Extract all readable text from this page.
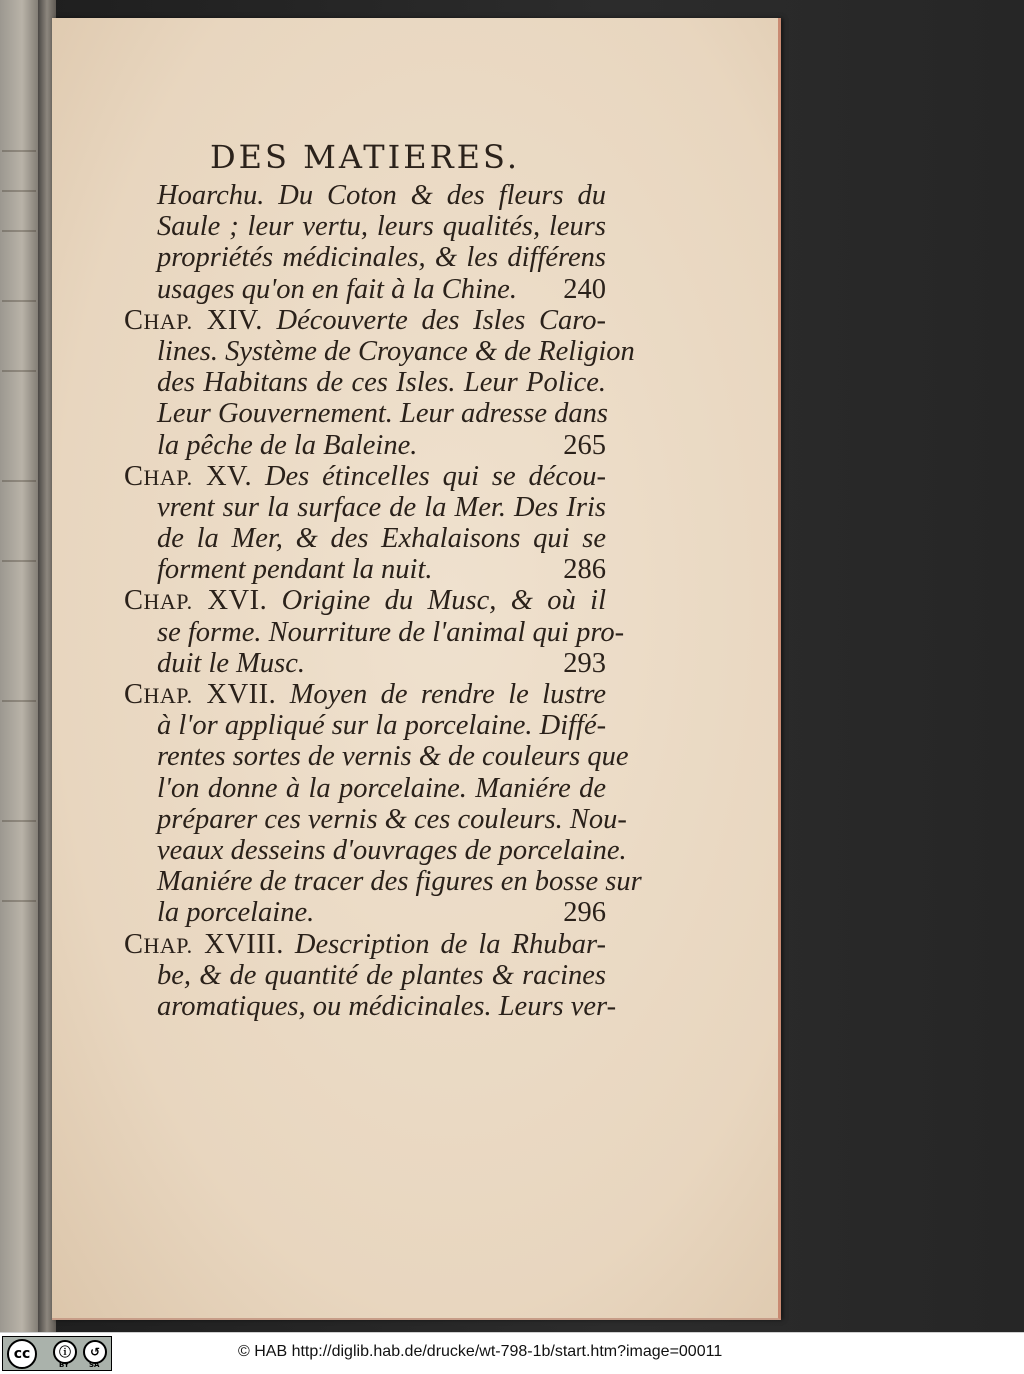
DES MATIERES.
Hoarchu. Du Coton & des fleurs du
Saule ; leur vertu, leurs qualités, leurs
propriétés médicinales, & les différens
usages qu'on en fait à la Chine. 240
CHAP. XIV. Découverte des Isles Caro-
lines. Système de Croyance & de Religion
des Habitans de ces Isles. Leur Police.
Leur Gouvernement. Leur adresse dans
la pêche de la Baleine.	265
CHAP. XV. Des étincelles qui se décou-
vrent sur la surface de la Mer. Des Iris
de la Mer, & des Exhalaisons qui se
forment pendant la nuit.	286
CHAP. XVI. Origine du Musc, & où il
se forme. Nourriture de l'animal qui pro-
duit le Musc.	293
CHAP. XVII. Moyen de rendre le lustre
à l'or appliqué sur la porcelaine. Diffé-
rentes sortes de vernis & de couleurs que
l'on donne à la porcelaine. Maniére de
préparer ces vernis & ces couleurs. Nou-
veaux desseins d'ouvrages de porcelaine.
Maniére de tracer des figures en bosse sur
la porcelaine.	296
CHAP. XVIII. Description de la Rhubar-
be, & de quantité de plantes & racines
aromatiques, ou médicinales. Leurs ver-
cc	ⓘ	↺
BY	SA
© HAB http://diglib.hab.de/drucke/wt-798-1b/start.htm?image=00011
